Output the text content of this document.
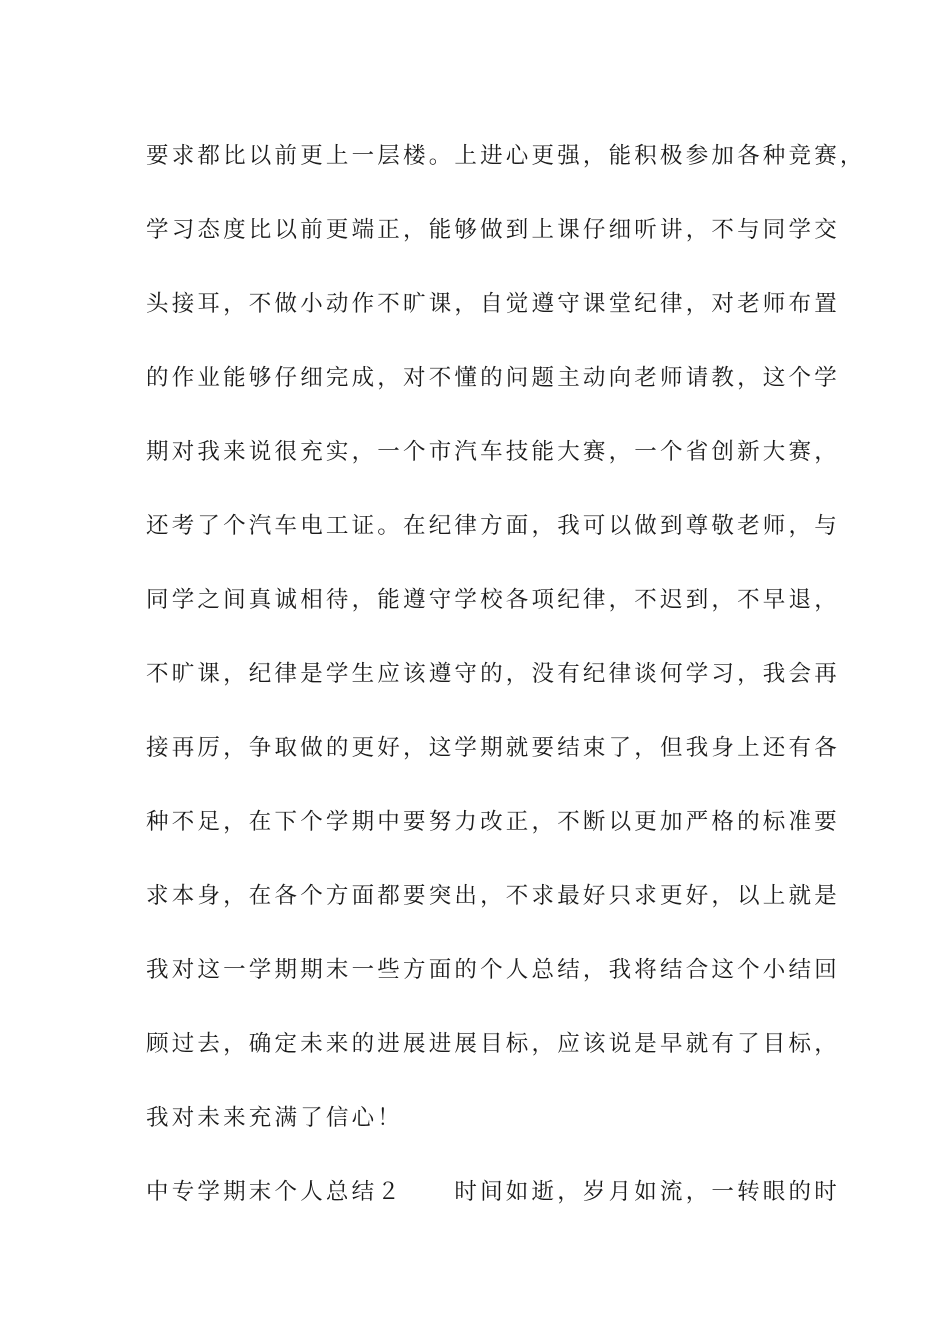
要求都比以前更上一层楼。上进心更强，能积极参加各种竞赛，
学习态度比以前更端正，能够做到上课仔细听讲，不与同学交
头接耳，不做小动作不旷课，自觉遵守课堂纪律，对老师布置
的作业能够仔细完成，对不懂的问题主动向老师请教，这个学
期对我来说很充实，一个市汽车技能大赛，一个省创新大赛，
还考了个汽车电工证。在纪律方面，我可以做到尊敬老师，与
同学之间真诚相待，能遵守学校各项纪律，不迟到，不早退，
不旷课，纪律是学生应该遵守的，没有纪律谈何学习，我会再
接再厉，争取做的更好，这学期就要结束了，但我身上还有各
种不足，在下个学期中要努力改正，不断以更加严格的标准要
求本身，在各个方面都要突出，不求最好只求更好，以上就是
我对这一学期期末一些方面的个人总结，我将结合这个小结回
顾过去，确定未来的进展进展目标，应该说是早就有了目标，
我对未来充满了信心！
中专学期末个人总结２　　时间如逝，岁月如流，一转眼的时
